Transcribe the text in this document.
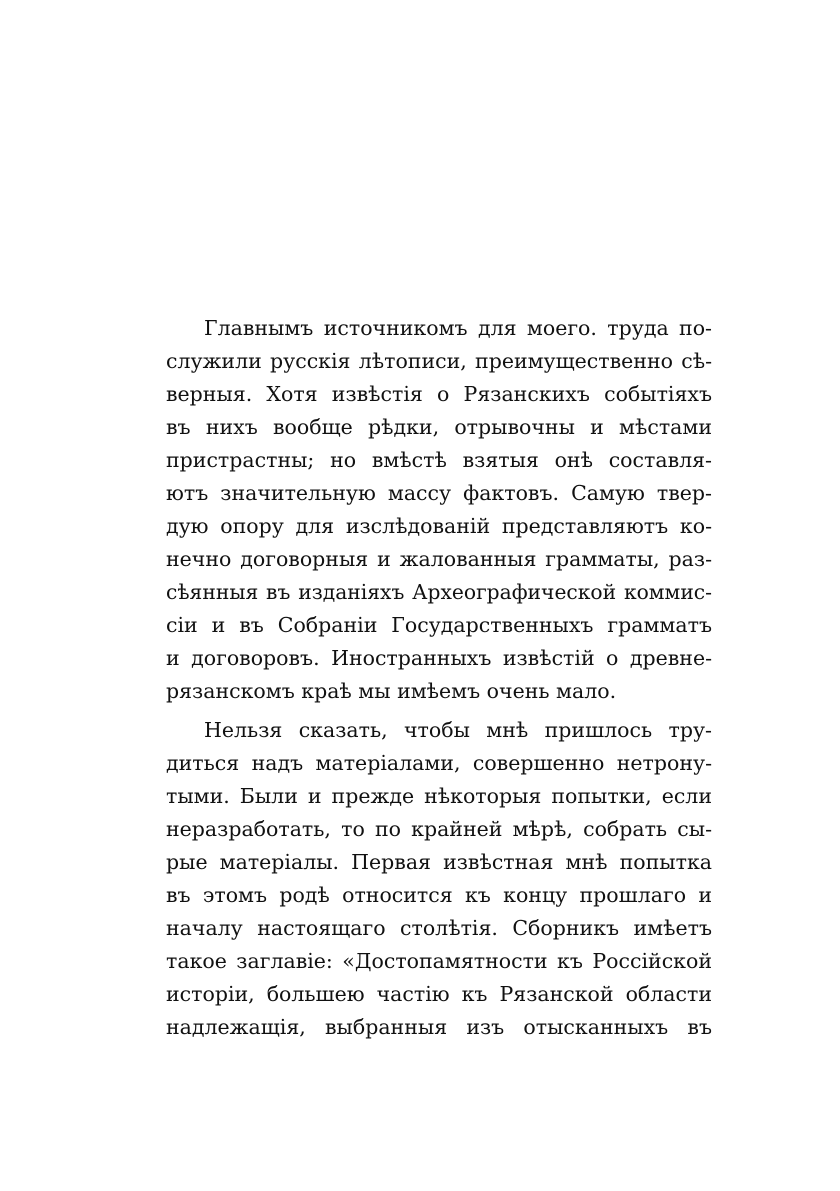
Главнымъ источникомъ для моего. труда по-
служили русскія лѣтописи, преимущественно сѣ-
верныя. Хотя извѣстія о Рязанскихъ событіяхъ
въ нихъ вообще рѣдки, отрывочны и мѣстами
пристрастны; но вмѣстѣ взятыя онѣ составля-
ютъ значительную массу фактовъ. Самую твер-
дую опору для изслѣдованій представляютъ ко-
нечно договорныя и жалованныя грамматы, раз-
сѣянныя въ изданіяхъ Археографической коммис-
сіи и въ Собраніи Государственныхъ грамматъ
и договоровъ. Иностранныхъ извѣстій о древне-
рязанскомъ краѣ мы имѣемъ очень мало.

Нельзя сказать, чтобы мнѣ пришлось тру-
диться надъ матеріалами, совершенно нетрону-
тыми. Были и прежде нѣкоторыя попытки, если
неразработать, то по крайней мѣрѣ, собрать сы-
рые матеріалы. Первая извѣстная мнѣ попытка
въ этомъ родѣ относится къ концу прошлаго и
началу настоящаго столѣтія. Сборникъ имѣетъ
такое заглавіе: «Достопамятности къ Россійской
исторіи, большею частію къ Рязанской области
надлежащія, выбранныя изъ отысканныхъ въ
